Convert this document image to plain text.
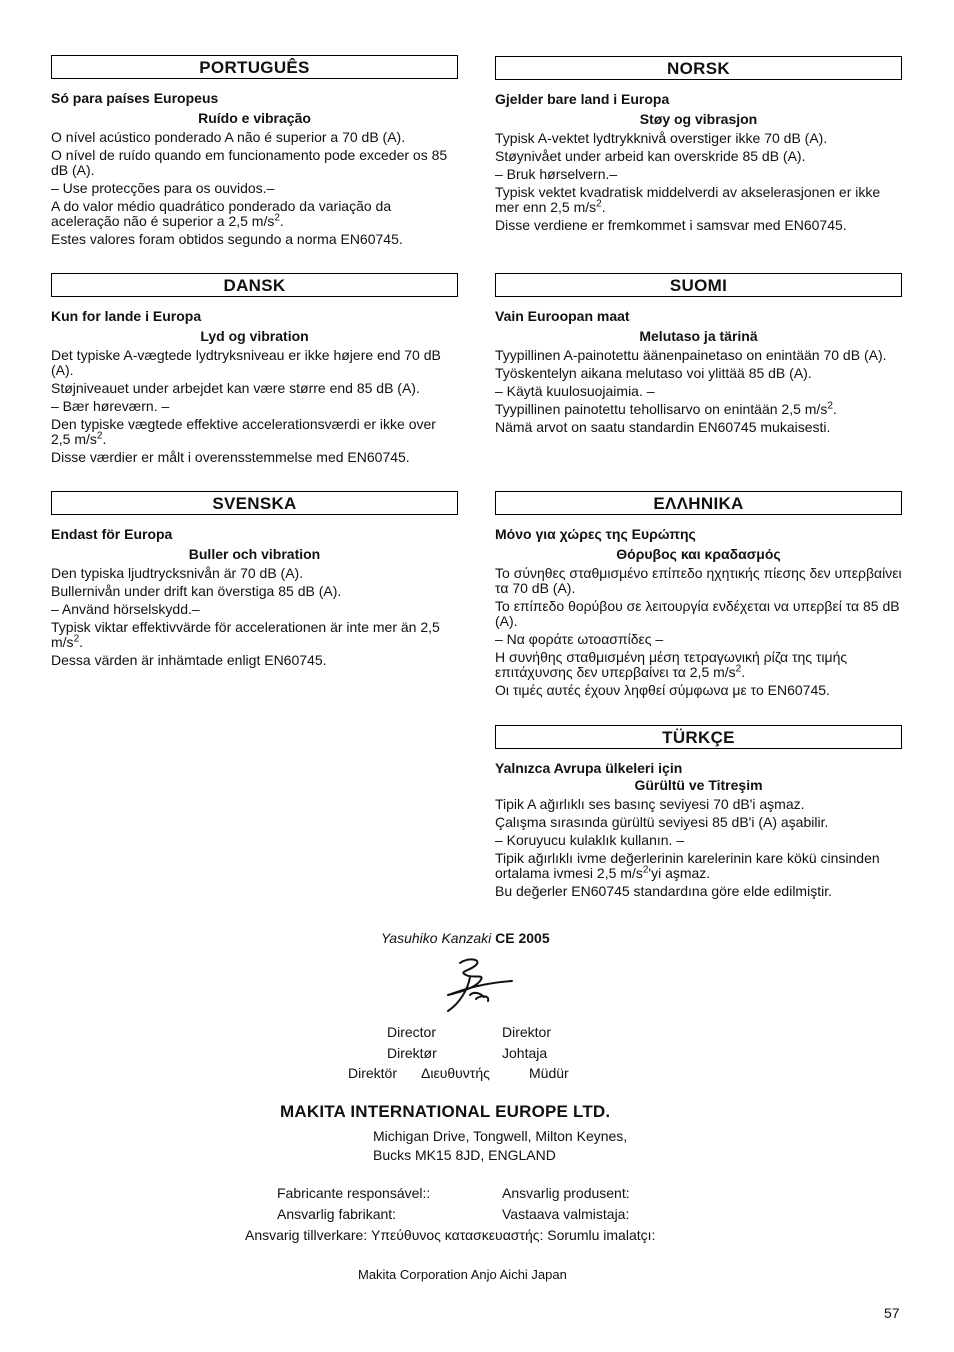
PORTUGUÊS
Só para países Europeus
Ruído e vibração
O nível acústico ponderado A não é superior a 70 dB (A).
O nível de ruído quando em funcionamento pode exceder os 85 dB (A).
– Use protecções para os ouvidos.–
A do valor médio quadrático ponderado da variação da aceleração não é superior a 2,5 $m/s^2$.
Estes valores foram obtidos segundo a norma EN60745.
NORSK
Gjelder bare land i Europa
Støy og vibrasjon
Typisk A-vektet lydtrykknivå overstiger ikke 70 dB (A).
Støynivået under arbeid kan overskride 85 dB (A).
– Bruk hørselvern.–
Typisk vektet kvadratisk middelverdi av akselerasjonen er ikke mer enn 2,5 $m/s^2$.
Disse verdiene er fremkommet i samsvar med EN60745.
DANSK
Kun for lande i Europa
Lyd og vibration
Det typiske A-vægtede lydtryksniveau er ikke højere end 70 dB (A).
Støjniveauet under arbejdet kan være større end 85 dB (A).
– Bær høreværn. –
Den typiske vægtede effektive accelerationsværdi er ikke over 2,5 $m/s^2$.
Disse værdier er målt i overensstemmelse med EN60745.
SUOMI
Vain Euroopan maat
Melutaso ja tärinä
Tyypillinen A-painotettu äänenpainetaso on enintään 70 dB (A).
Työskentelyn aikana melutaso voi ylittää 85 dB (A).
– Käytä kuulosuojaimia. –
Tyypillinen painotettu tehollisarvo on enintään 2,5 $m/s^2$.
Nämä arvot on saatu standardin EN60745 mukaisesti.
SVENSKA
Endast för Europa
Buller och vibration
Den typiska ljudtrycksnivån är 70 dB (A).
Bullernivån under drift kan överstiga 85 dB (A).
– Använd hörselskydd.–
Typisk viktar effektivvärde för accelerationen är inte mer än 2,5 $m/s^2$.
Dessa värden är inhämtade enligt EN60745.
ΕΛΛΗΝΙΚΑ
Μόνο για χώρες της Ευρώπης
Θόρυβος και κραδασμός
Το σύνηθες σταθμισμένο επίπεδο ηχητικής πίεσης δεν υπερβαίνει τα 70 dB (A).
Το επίπεδο θορύβου σε λειτουργία ενδέχεται να υπερβεί τα 85 dB (A).
– Να φοράτε ωτοασπίδες –
Η συνήθης σταθμισμένη μέση τετραγωνική ρίζα της τιμής επιτάχυνσης δεν υπερβαίνει τα 2,5 $m/s^2$.
Οι τιμές αυτές έχουν ληφθεί σύμφωνα με το EN60745.
TÜRKÇE
Yalnızca Avrupa ülkeleri için
Gürültü ve Titreşim
Tipik A ağırlıklı ses basınç seviyesi 70 dB'i aşmaz.
Çalışma sırasında gürültü seviyesi 85 dB'i (A) aşabilir.
– Koruyucu kulaklık kullanın. –
Tipik ağırlıklı ivme değerlerinin karelerinin kare kökü cinsinden ortalama ivmesi 2,5 $m/s^2'yi$ aşmaz.
Bu değerler EN60745 standardına göre elde edilmiştir.
Yasuhiko Kanzaki CE 2005
Director	Direktor
Direktør	Johtaja
Direktör Διευθυντής	Müdür
MAKITA INTERNATIONAL EUROPE LTD.
Michigan Drive, Tongwell, Milton Keynes,
Bucks MK15 8JD, ENGLAND
Fabricante responsável::	Ansvarlig produsent:
Ansvarlig fabrikant:	Vastaava valmistaja:
Ansvarig tillverkare: Υπεύθυνος κατασκευαστής: Sorumlu imalatçı:
Makita Corporation Anjo Aichi Japan
57
